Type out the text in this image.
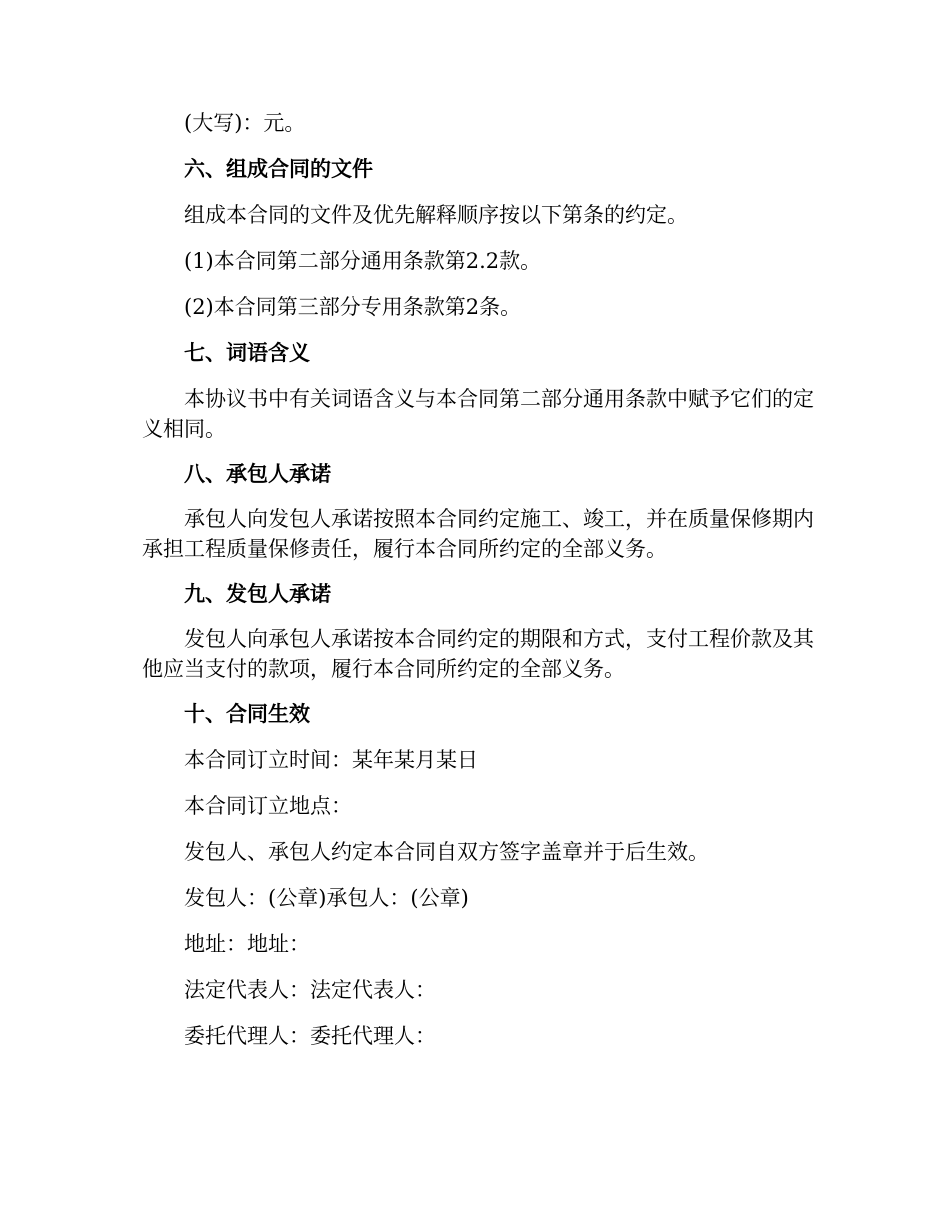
(大写)：元。

六、组成合同的文件

组成本合同的文件及优先解释顺序按以下第条的约定。

(1)本合同第二部分通用条款第2.2款。

(2)本合同第三部分专用条款第2条。

七、词语含义

本协议书中有关词语含义与本合同第二部分通用条款中赋予它们的定义相同。

八、承包人承诺

承包人向发包人承诺按照本合同约定施工、竣工，并在质量保修期内承担工程质量保修责任，履行本合同所约定的全部义务。

九、发包人承诺

发包人向承包人承诺按本合同约定的期限和方式，支付工程价款及其他应当支付的款项，履行本合同所约定的全部义务。

十、合同生效

本合同订立时间：某年某月某日

本合同订立地点：

发包人、承包人约定本合同自双方签字盖章并于后生效。

发包人：(公章)承包人：(公章)

地址：地址：

法定代表人：法定代表人：

委托代理人：委托代理人：
